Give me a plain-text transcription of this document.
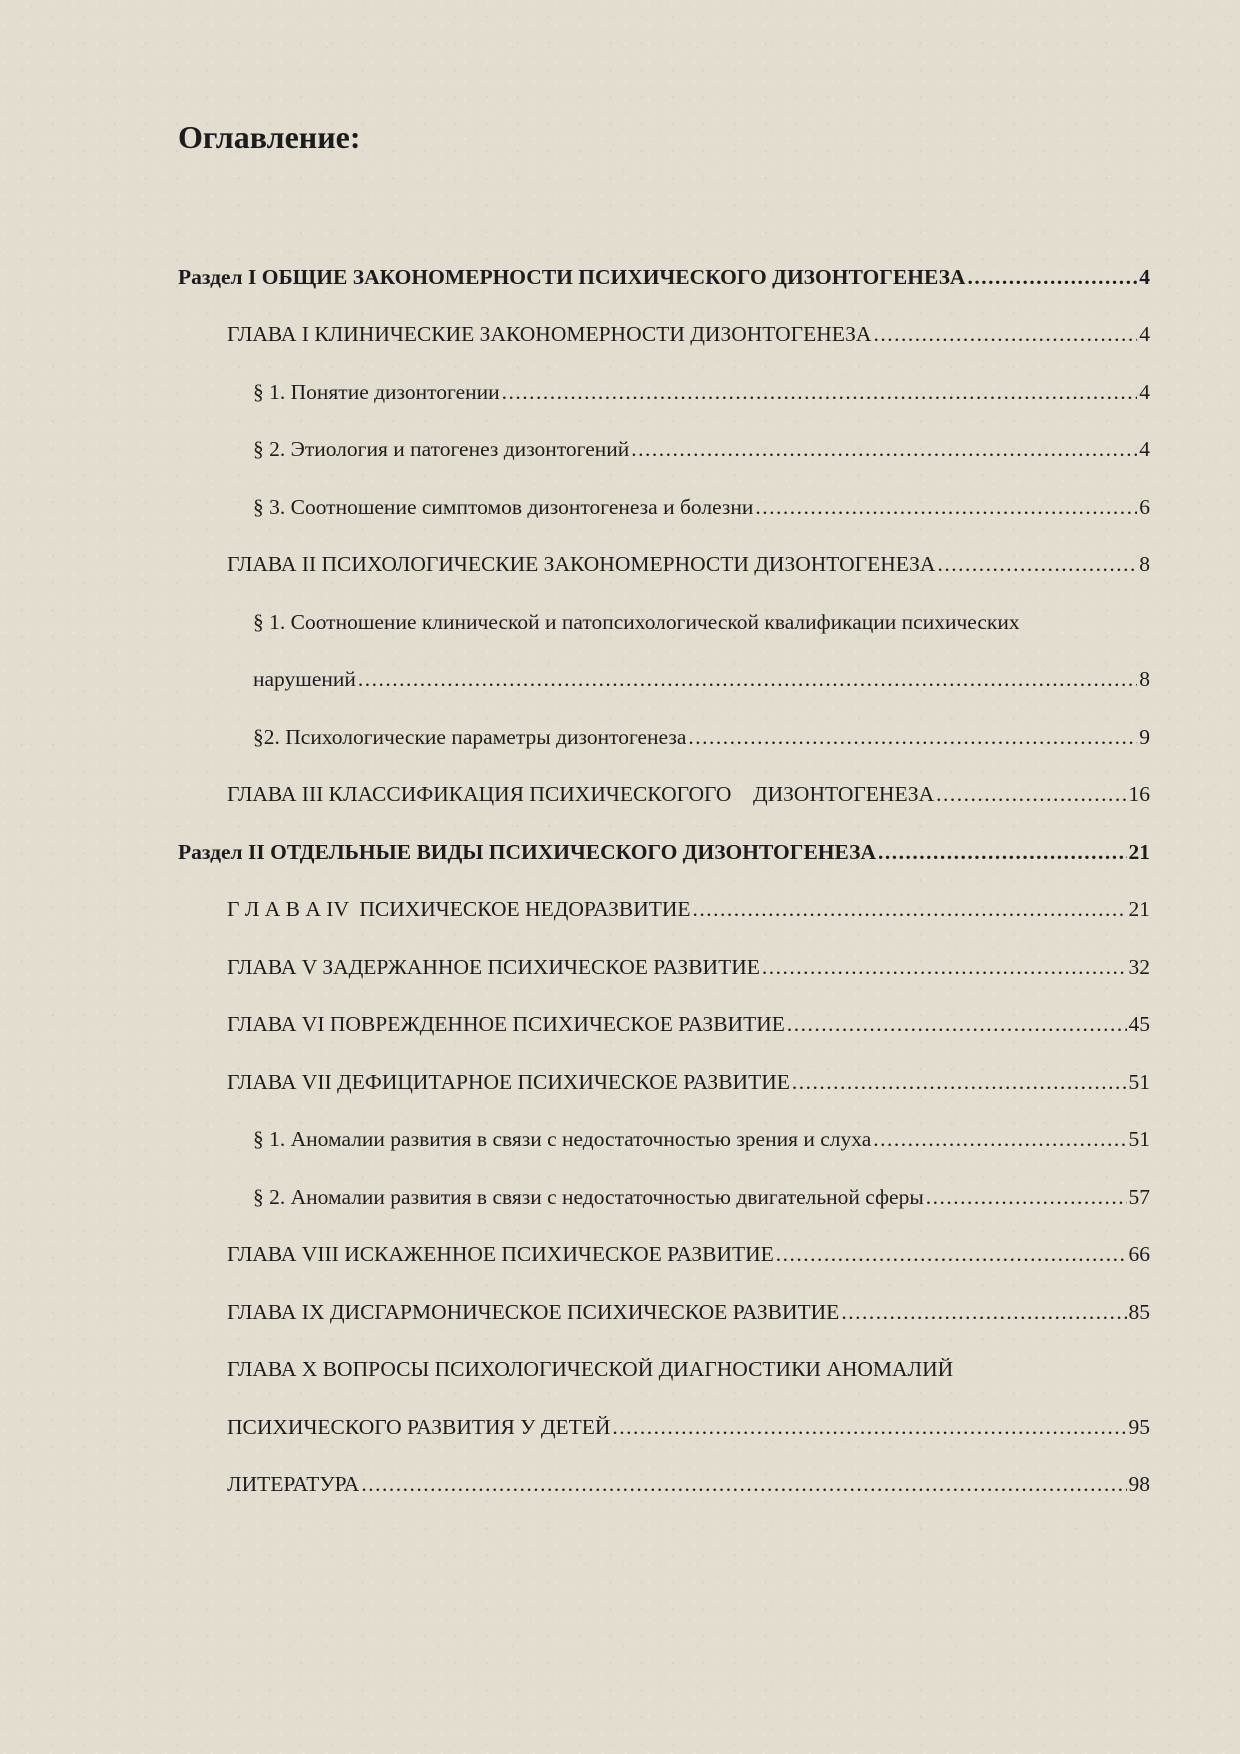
Оглавление:
Раздел I ОБЩИЕ ЗАКОНОМЕРНОСТИ ПСИХИЧЕСКОГО ДИЗОНТОГЕНЕЗА .....	4
ГЛАВА I КЛИНИЧЕСКИЕ ЗАКОНОМЕРНОСТИ ДИЗОНТОГЕНЕЗА .....	4
§ 1. Понятие дизонтогении .....	4
§ 2. Этиология и патогенез дизонтогений .....	4
§ 3. Соотношение симптомов дизонтогенеза и болезни .....	6
ГЛАВА II ПСИХОЛОГИЧЕСКИЕ ЗАКОНОМЕРНОСТИ ДИЗОНТОГЕНЕЗА .....	8
§ 1. Соотношение клинической и патопсихологической квалификации психических
нарушений .....	8
§2. Психологические параметры дизонтогенеза .....	9
ГЛАВА III КЛАССИФИКАЦИЯ ПСИХИЧЕСКОГОГО    ДИЗОНТОГЕНЕЗА .....	16
Раздел II ОТДЕЛЬНЫЕ ВИДЫ ПСИХИЧЕСКОГО ДИЗОНТОГЕНЕЗА .....	21
Г Л А В А IV  ПСИХИЧЕСКОЕ НЕДОРАЗВИТИЕ .....	21
ГЛАВА V ЗАДЕРЖАННОЕ ПСИХИЧЕСКОЕ РАЗВИТИЕ .....	32
ГЛАВА VI ПОВРЕЖДЕННОЕ ПСИХИЧЕСКОЕ РАЗВИТИЕ .....	45
ГЛАВА VII ДЕФИЦИТАРНОЕ ПСИХИЧЕСКОЕ РАЗВИТИЕ .....	51
§ 1. Аномалии развития в связи с недостаточностью зрения и слуха .....	51
§ 2. Аномалии развития в связи с недостаточностью двигательной сферы .....	57
ГЛАВА VIII ИСКАЖЕННОЕ ПСИХИЧЕСКОЕ РАЗВИТИЕ .....	66
ГЛАВА IX ДИСГАРМОНИЧЕСКОЕ ПСИХИЧЕСКОЕ РАЗВИТИЕ .....	85
ГЛАВА X ВОПРОСЫ ПСИХОЛОГИЧЕСКОЙ ДИАГНОСТИКИ АНОМАЛИЙ
ПСИХИЧЕСКОГО РАЗВИТИЯ У ДЕТЕЙ .....	95
ЛИТЕРАТУРА .....	98
